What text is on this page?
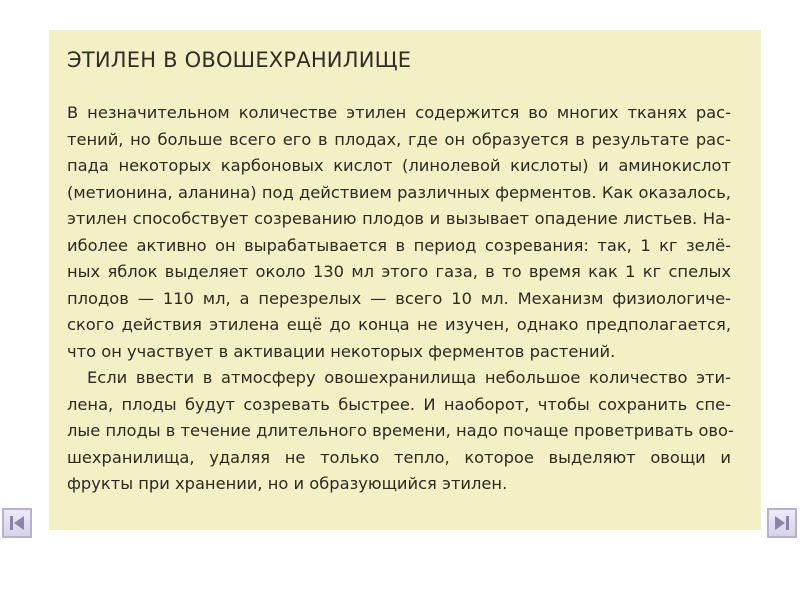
ЭТИЛЕН В ОВОШЕХРАНИЛИЩЕ

В незначительном количестве этилен содержится во многих тканях рас-
тений, но больше всего его в плодах, где он образуется в результате рас-
пада некоторых карбоновых кислот (линолевой кислоты) и аминокислот
(метионина, аланина) под действием различных ферментов. Как оказалось,
этилен способствует созреванию плодов и вызывает опадение листьев. На-
иболее активно он вырабатывается в период созревания: так, 1 кг зелё-
ных яблок выделяет около 130 мл этого газа, в то время как 1 кг спелых
плодов — 110 мл, а перезрелых — всего 10 мл. Механизм физиологиче-
ского действия этилена ещё до конца не изучен, однако предполагается,
что он участвует в активации некоторых ферментов растений.

Если ввести в атмосферу овошехранилища небольшое количество эти-
лена, плоды будут созревать быстрее. И наоборот, чтобы сохранить спе-
лые плоды в течение длительного времени, надо почаще проветривать ово-
шехранилища, удаляя не только тепло, которое выделяют овощи и
фрукты при хранении, но и образующийся этилен.
